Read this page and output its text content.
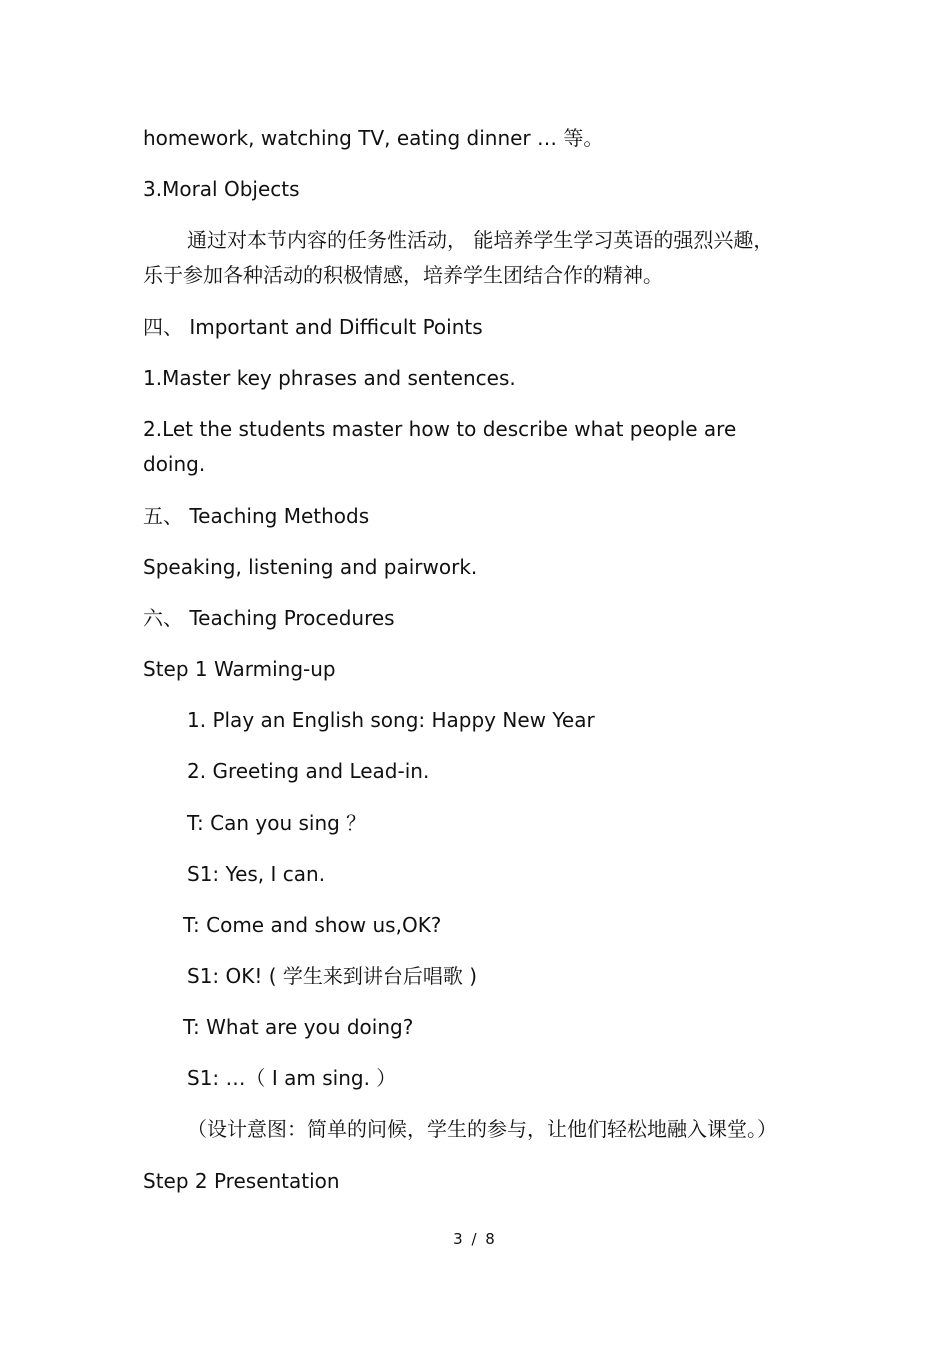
homework, watching TV, eating dinner … 等。
3.Moral Objects
通过对本节内容的任务性活动， 能培养学生学习英语的强烈兴趣，
乐于参加各种活动的积极情感，培养学生团结合作的精神。
四、 Important and Difficult Points
1.Master key phrases and sentences.
2.Let the students master how to describe what people are
doing.
五、 Teaching Methods
Speaking, listening and pairwork.
六、 Teaching Procedures
Step 1 Warming-up
1. Play an English song: Happy New Year
2. Greeting and Lead-in.
T: Can you sing ？
S1: Yes, I can.
T: Come and show us,OK?
S1: OK! ( 学生来到讲台后唱歌 )
T: What are you doing?
S1: …（ I am sing. ）
（设计意图：简单的问候，学生的参与，让他们轻松地融入课堂。）
Step 2 Presentation
3 / 8
